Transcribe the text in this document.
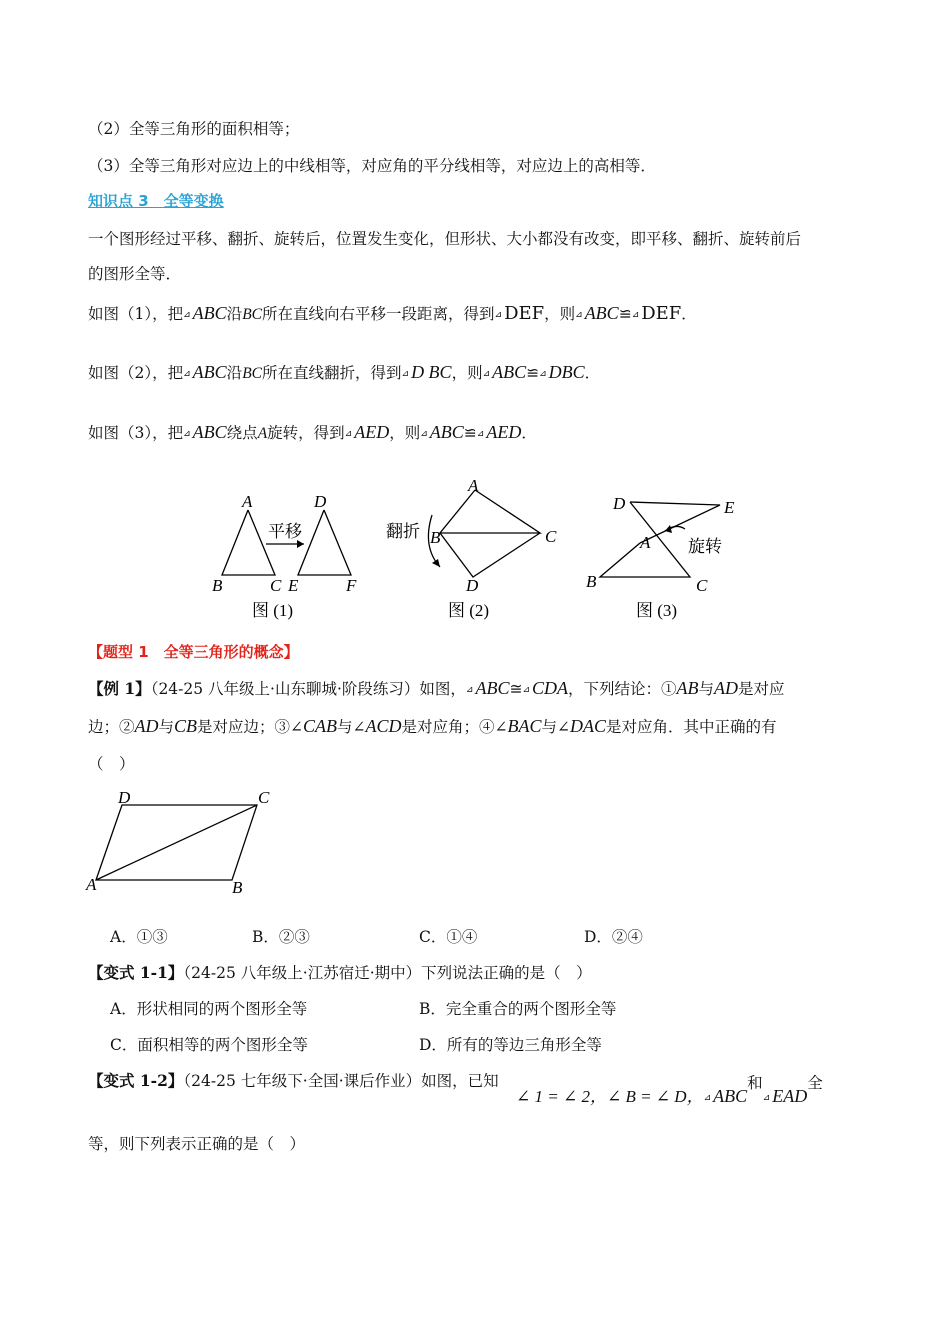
（2）全等三角形的面积相等；
（3）全等三角形对应边上的中线相等，对应角的平分线相等，对应边上的高相等．
知识点 3　全等变换
一个图形经过平移、翻折、旋转后，位置发生变化，但形状、大小都没有改变，即平移、翻折、旋转前后
的图形全等．
如图（1），把⊿ ABC沿BC所在直线向右平移一段距离，得到⊿ DEF，则⊿ ABC≌⊿ DEF．
如图（2），把⊿ ABC沿BC所在直线翻折，得到⊿ D BC，则⊿ ABC≌⊿ DBC．
如图（3），把⊿ ABC绕点A旋转，得到⊿ AED，则⊿ ABC≌⊿ AED．
A
B	C
D
E	F
A
B	C
D
A
B	C
D	E
平移	翻折
旋转
图 (1)	图 (2)	图 (3)
【题型 1　全等三角形的概念】
【例 1】（24-25 八年级上·山东聊城·阶段练习）如图，⊿ ABC≅⊿ CDA，下列结论：①AB与AD是对应
边；②AD与CB是对应边；③∠CAB与∠ACD是对应角；④∠BAC与∠DAC是对应角．其中正确的有
（　）
A	B
C
D
A．①③	B．②③	C．①④	D．②④
【变式 1-1】（24-25 八年级上·江苏宿迁·期中）下列说法正确的是（　）
A．形状相同的两个图形全等	B．完全重合的两个图形全等
C．面积相等的两个图形全等	D．所有的等边三角形全等
【变式 1-2】（24-25 七年级下·全国·课后作业）如图，已知
∠ 1 = ∠ 2，∠ B = ∠ D，⊿ ABC和⊿ EAD全
等，则下列表示正确的是（　）
